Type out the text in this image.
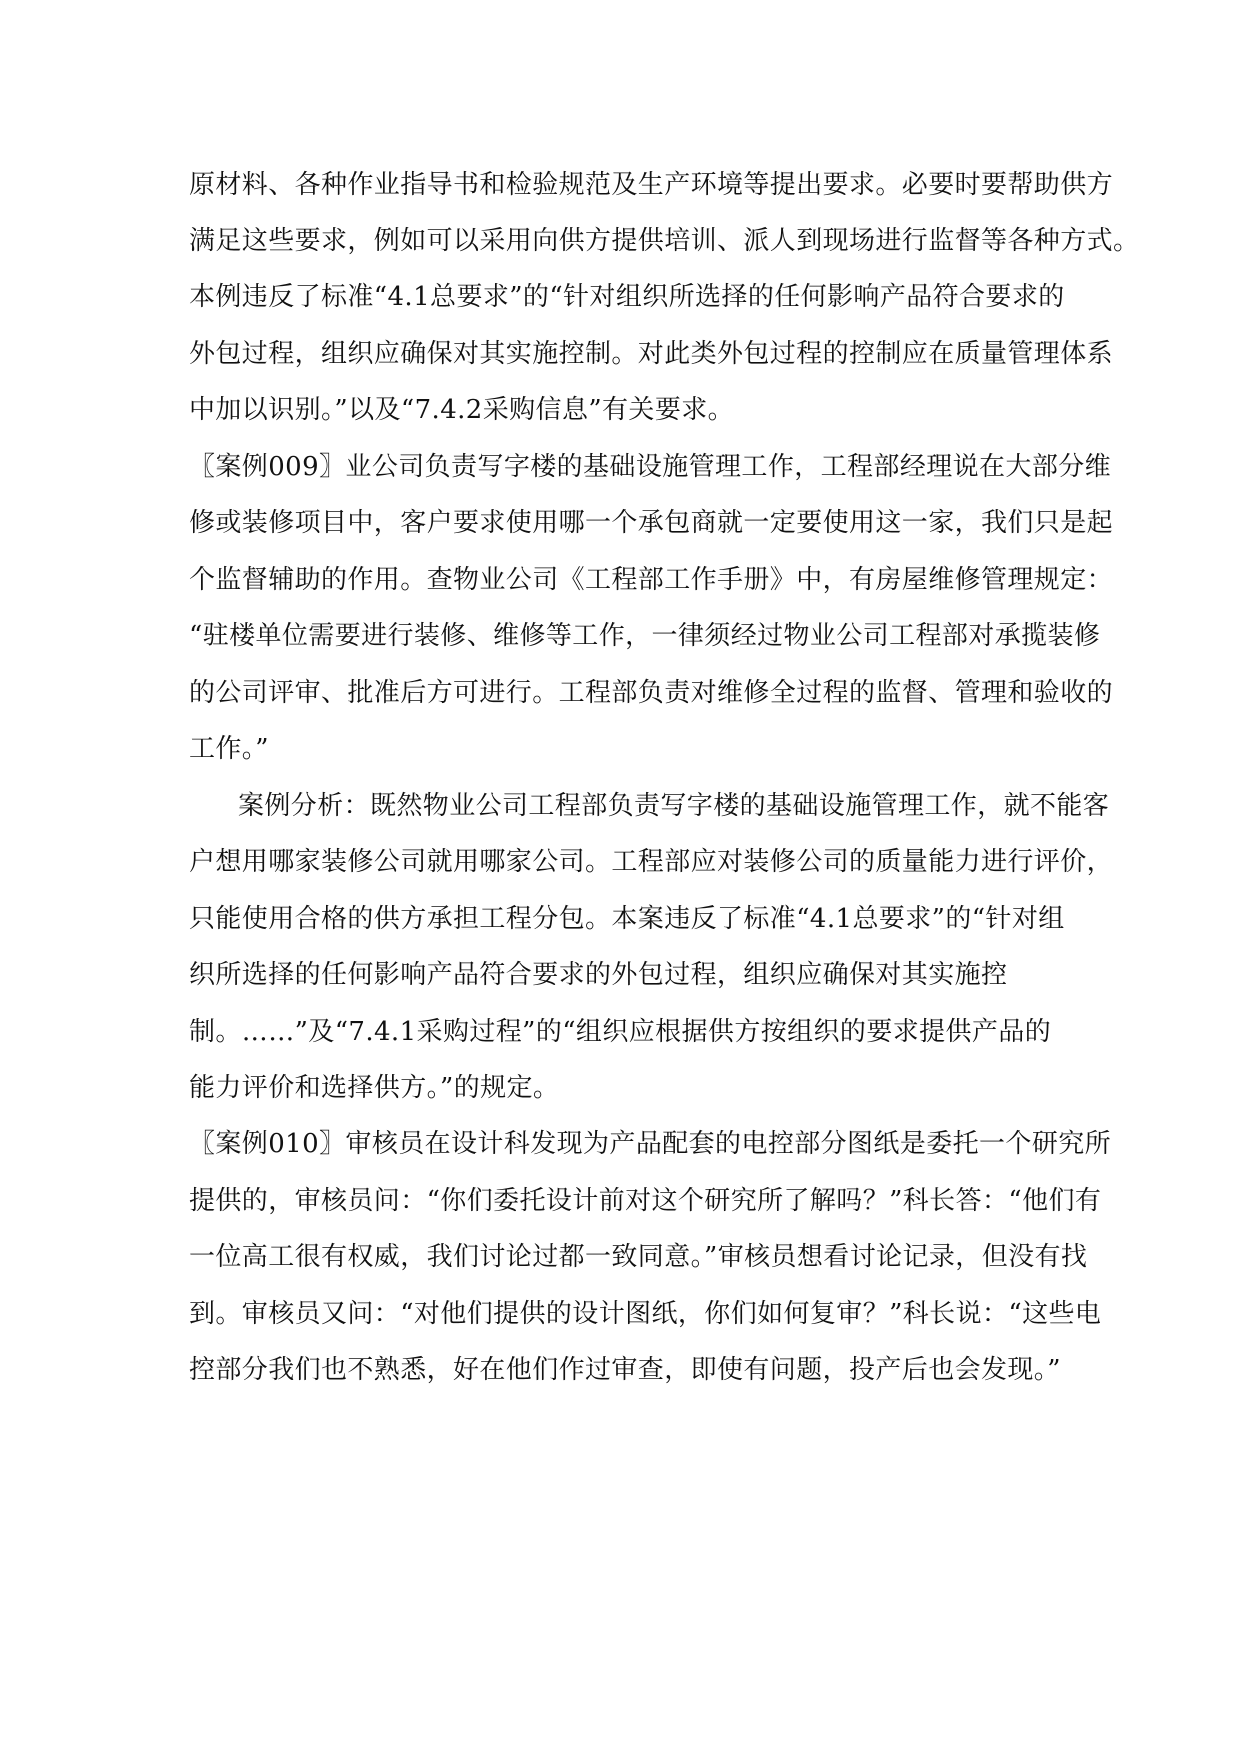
原材料、各种作业指导书和检验规范及生产环境等提出要求。必要时要帮助供方
满足这些要求，例如可以采用向供方提供培训、派人到现场进行监督等各种方式。
本例违反了标准“4.1总要求”的“针对组织所选择的任何影响产品符合要求的
外包过程，组织应确保对其实施控制。对此类外包过程的控制应在质量管理体系
中加以识别。”以及“7.4.2采购信息”有关要求。
〖案例009〗业公司负责写字楼的基础设施管理工作，工程部经理说在大部分维
修或装修项目中，客户要求使用哪一个承包商就一定要使用这一家，我们只是起
个监督辅助的作用。查物业公司《工程部工作手册》中，有房屋维修管理规定：
“驻楼单位需要进行装修、维修等工作，一律须经过物业公司工程部对承揽装修
的公司评审、批准后方可进行。工程部负责对维修全过程的监督、管理和验收的
工作。”
案例分析：既然物业公司工程部负责写字楼的基础设施管理工作，就不能客
户想用哪家装修公司就用哪家公司。工程部应对装修公司的质量能力进行评价，
只能使用合格的供方承担工程分包。本案违反了标准“4.1总要求”的“针对组
织所选择的任何影响产品符合要求的外包过程，组织应确保对其实施控
制。……”及“7.4.1采购过程”的“组织应根据供方按组织的要求提供产品的
能力评价和选择供方。”的规定。
〖案例010〗审核员在设计科发现为产品配套的电控部分图纸是委托一个研究所
提供的，审核员问：“你们委托设计前对这个研究所了解吗？”科长答：“他们有
一位高工很有权威，我们讨论过都一致同意。”审核员想看讨论记录，但没有找
到。审核员又问：“对他们提供的设计图纸，你们如何复审？”科长说：“这些电
控部分我们也不熟悉，好在他们作过审查，即使有问题，投产后也会发现。”
